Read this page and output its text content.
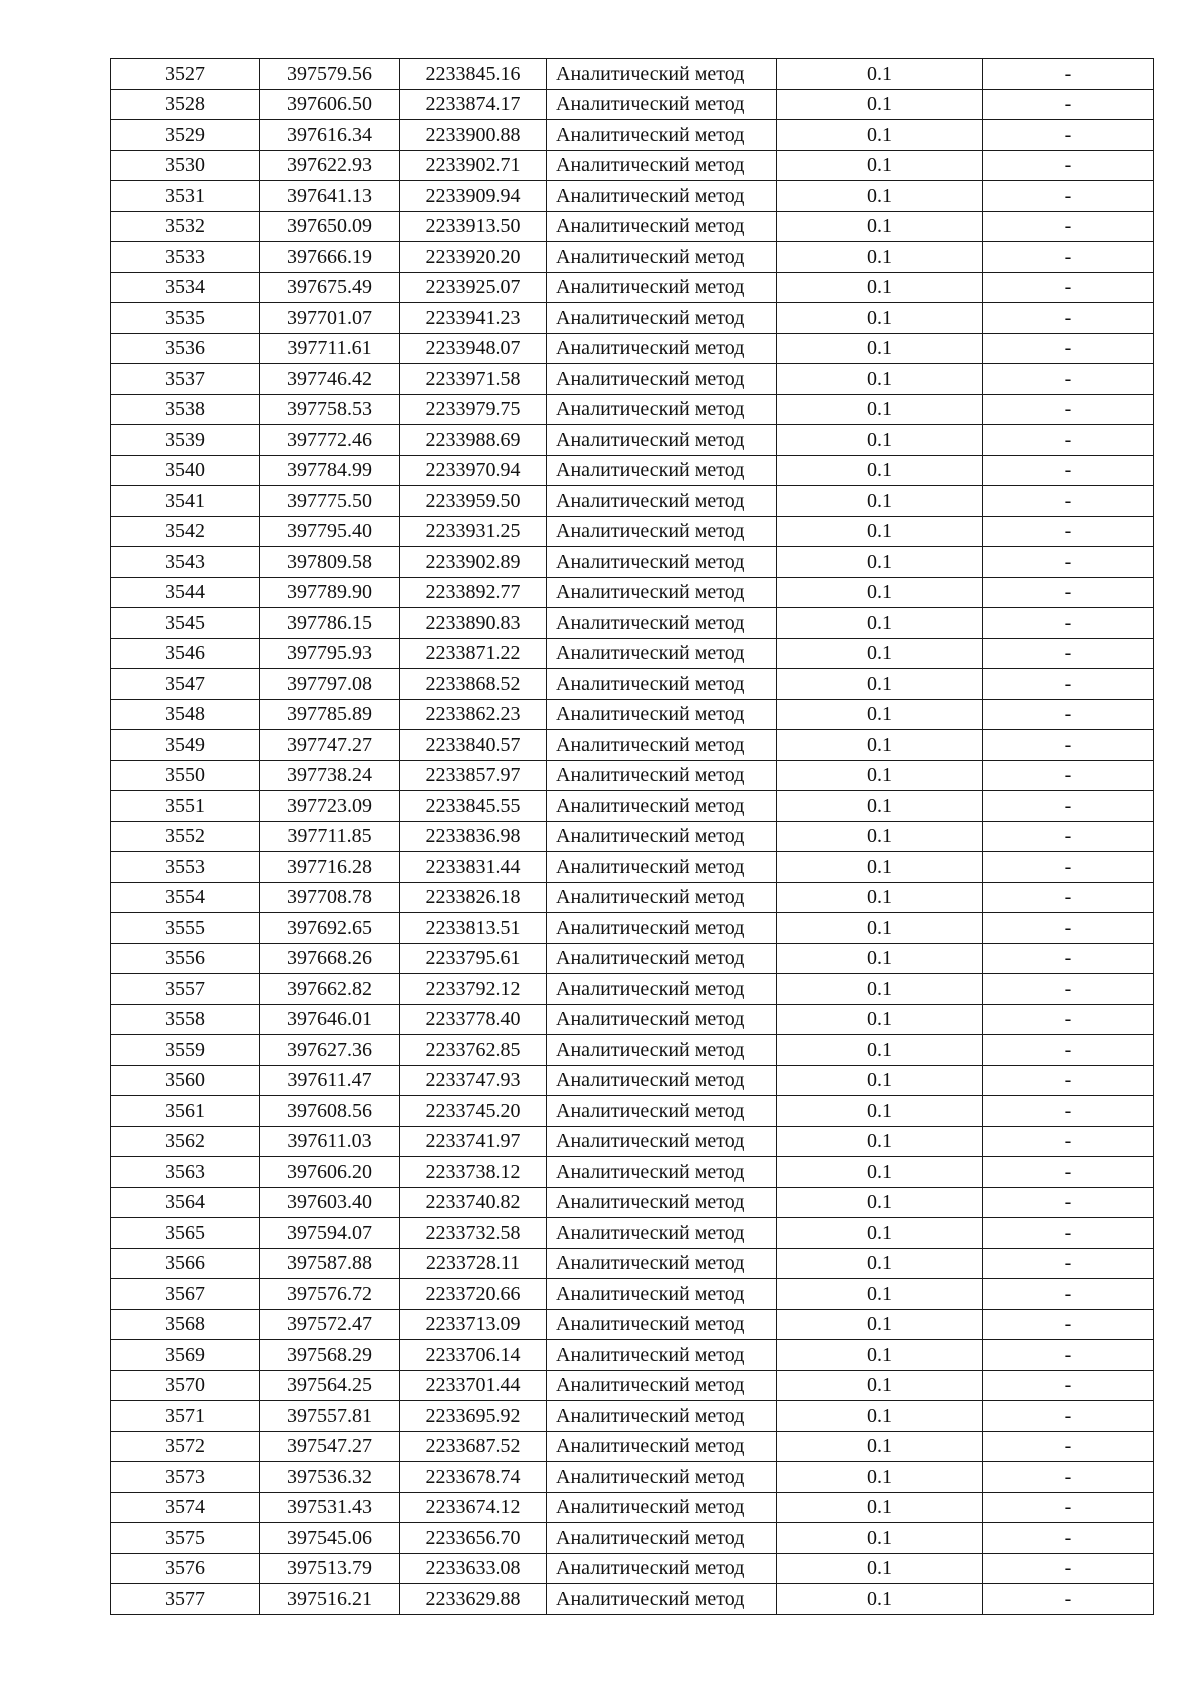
3527	397579.56	2233845.16	Аналитический метод	0.1	-
3528	397606.50	2233874.17	Аналитический метод	0.1	-
3529	397616.34	2233900.88	Аналитический метод	0.1	-
3530	397622.93	2233902.71	Аналитический метод	0.1	-
3531	397641.13	2233909.94	Аналитический метод	0.1	-
3532	397650.09	2233913.50	Аналитический метод	0.1	-
3533	397666.19	2233920.20	Аналитический метод	0.1	-
3534	397675.49	2233925.07	Аналитический метод	0.1	-
3535	397701.07	2233941.23	Аналитический метод	0.1	-
3536	397711.61	2233948.07	Аналитический метод	0.1	-
3537	397746.42	2233971.58	Аналитический метод	0.1	-
3538	397758.53	2233979.75	Аналитический метод	0.1	-
3539	397772.46	2233988.69	Аналитический метод	0.1	-
3540	397784.99	2233970.94	Аналитический метод	0.1	-
3541	397775.50	2233959.50	Аналитический метод	0.1	-
3542	397795.40	2233931.25	Аналитический метод	0.1	-
3543	397809.58	2233902.89	Аналитический метод	0.1	-
3544	397789.90	2233892.77	Аналитический метод	0.1	-
3545	397786.15	2233890.83	Аналитический метод	0.1	-
3546	397795.93	2233871.22	Аналитический метод	0.1	-
3547	397797.08	2233868.52	Аналитический метод	0.1	-
3548	397785.89	2233862.23	Аналитический метод	0.1	-
3549	397747.27	2233840.57	Аналитический метод	0.1	-
3550	397738.24	2233857.97	Аналитический метод	0.1	-
3551	397723.09	2233845.55	Аналитический метод	0.1	-
3552	397711.85	2233836.98	Аналитический метод	0.1	-
3553	397716.28	2233831.44	Аналитический метод	0.1	-
3554	397708.78	2233826.18	Аналитический метод	0.1	-
3555	397692.65	2233813.51	Аналитический метод	0.1	-
3556	397668.26	2233795.61	Аналитический метод	0.1	-
3557	397662.82	2233792.12	Аналитический метод	0.1	-
3558	397646.01	2233778.40	Аналитический метод	0.1	-
3559	397627.36	2233762.85	Аналитический метод	0.1	-
3560	397611.47	2233747.93	Аналитический метод	0.1	-
3561	397608.56	2233745.20	Аналитический метод	0.1	-
3562	397611.03	2233741.97	Аналитический метод	0.1	-
3563	397606.20	2233738.12	Аналитический метод	0.1	-
3564	397603.40	2233740.82	Аналитический метод	0.1	-
3565	397594.07	2233732.58	Аналитический метод	0.1	-
3566	397587.88	2233728.11	Аналитический метод	0.1	-
3567	397576.72	2233720.66	Аналитический метод	0.1	-
3568	397572.47	2233713.09	Аналитический метод	0.1	-
3569	397568.29	2233706.14	Аналитический метод	0.1	-
3570	397564.25	2233701.44	Аналитический метод	0.1	-
3571	397557.81	2233695.92	Аналитический метод	0.1	-
3572	397547.27	2233687.52	Аналитический метод	0.1	-
3573	397536.32	2233678.74	Аналитический метод	0.1	-
3574	397531.43	2233674.12	Аналитический метод	0.1	-
3575	397545.06	2233656.70	Аналитический метод	0.1	-
3576	397513.79	2233633.08	Аналитический метод	0.1	-
3577	397516.21	2233629.88	Аналитический метод	0.1	-
